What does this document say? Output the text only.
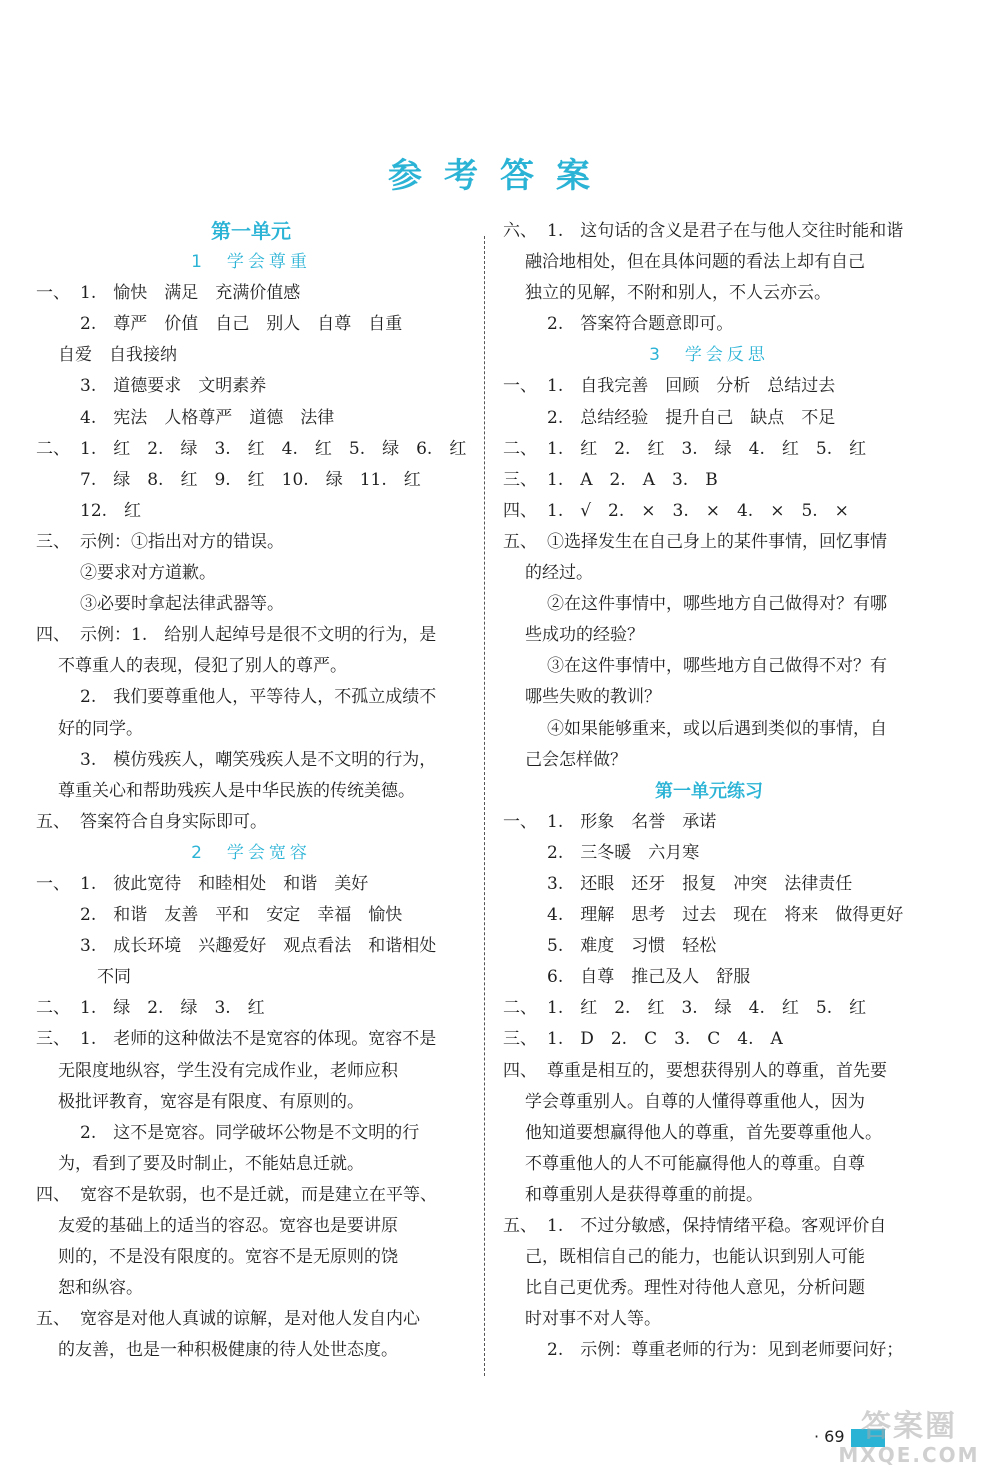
参考答案
第一单元
1　学会尊重
一、 1.　愉快　满足　充满价值感
2.　尊严　价值　自己　别人　自尊　自重
自爱　自我接纳
3.　道德要求　文明素养
4.　宪法　人格尊严　道德　法律
二、 1.　红　2.　绿　3.　红　4.　红　5.　绿　6.　红
7.　绿　8.　红　9.　红　10.　绿　11.　红
12.　红
三、 示例：①指出对方的错误。
②要求对方道歉。
③必要时拿起法律武器等。
四、 示例：1.　给别人起绰号是很不文明的行为，是
不尊重人的表现，侵犯了别人的尊严。
2.　我们要尊重他人，平等待人，不孤立成绩不
好的同学。
3.　模仿残疾人，嘲笑残疾人是不文明的行为，
尊重关心和帮助残疾人是中华民族的传统美德。
五、 答案符合自身实际即可。
2　学会宽容
一、 1.　彼此宽待　和睦相处　和谐　美好
2.　和谐　友善　平和　安定　幸福　愉快
3.　成长环境　兴趣爱好　观点看法　和谐相处
　不同
二、 1.　绿　2.　绿　3.　红
三、 1.　老师的这种做法不是宽容的体现。宽容不是
无限度地纵容，学生没有完成作业，老师应积
极批评教育，宽容是有限度、有原则的。
2.　这不是宽容。同学破坏公物是不文明的行
为，看到了要及时制止，不能姑息迁就。
四、 宽容不是软弱，也不是迁就，而是建立在平等、
友爱的基础上的适当的容忍。宽容也是要讲原
则的，不是没有限度的。宽容不是无原则的饶
恕和纵容。
五、 宽容是对他人真诚的谅解，是对他人发自内心
的友善，也是一种积极健康的待人处世态度。
六、 1.　这句话的含义是君子在与他人交往时能和谐
融洽地相处，但在具体问题的看法上却有自己
独立的见解，不附和别人，不人云亦云。
2.　答案符合题意即可。
3　学会反思
一、 1.　自我完善　回顾　分析　总结过去
2.　总结经验　提升自己　缺点　不足
二、 1.　红　2.　红　3.　绿　4.　红　5.　红
三、 1.　A　2.　A　3.　B
四、 1.　√　2.　×　3.　×　4.　×　5.　×
五、 ①选择发生在自己身上的某件事情，回忆事情
的经过。
②在这件事情中，哪些地方自己做得对？有哪
些成功的经验？
③在这件事情中，哪些地方自己做得不对？有
哪些失败的教训？
④如果能够重来，或以后遇到类似的事情，自
己会怎样做？
第一单元练习
一、 1.　形象　名誉　承诺
2.　三冬暖　六月寒
3.　还眼　还牙　报复　冲突　法律责任
4.　理解　思考　过去　现在　将来　做得更好
5.　难度　习惯　轻松
6.　自尊　推己及人　舒服
二、 1.　红　2.　红　3.　绿　4.　红　5.　红
三、 1.　D　2.　C　3.　C　4.　A
四、 尊重是相互的，要想获得别人的尊重，首先要
学会尊重别人。自尊的人懂得尊重他人，因为
他知道要想赢得他人的尊重，首先要尊重他人。
不尊重他人的人不可能赢得他人的尊重。自尊
和尊重别人是获得尊重的前提。
五、 1.　不过分敏感，保持情绪平稳。客观评价自
己，既相信自己的能力，也能认识到别人可能
比自己更优秀。理性对待他人意见，分析问题
时对事不对人等。
2.　示例：尊重老师的行为：见到老师要问好；
· 69 答案圈
MXQE.COM
